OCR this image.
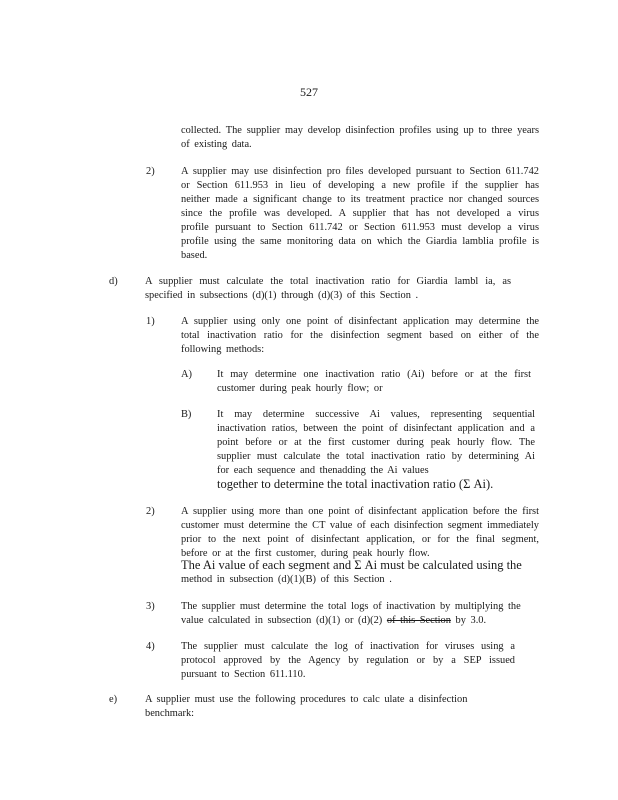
527
collected. The supplier may develop disinfection profiles using up to three years of existing data.
2)	A supplier may use disinfection pro files developed pursuant to Section 611.742 or Section 611.953 in lieu of developing a new profile if the supplier has neither made a significant change to its treatment practice nor changed sources since the profile was developed. A supplier that has not developed a virus profile pursuant to Section 611.742 or Section 611.953 must develop a virus profile using the same monitoring data on which the Giardia lamblia profile is based.
d)	A supplier must calculate the total inactivation ratio for Giardia lambl ia, as specified in subsections (d)(1) through (d)(3) of this Section .
1)	A supplier using only one point of disinfectant application may determine the total inactivation ratio for the disinfection segment based on either of the following methods:
A) It may determine one inactivation ratio (Ai) before or at the first customer during peak hourly flow; or
B) It may determine successive Ai values, representing sequential inactivation ratios, between the point of disinfectant application and a point before or at the first customer during peak hourly flow. The supplier must calculate the total inactivation ratio by determining Ai for each sequence and thenadding the Ai values
together to determine the total inactivation ratio (Σ Ai).
2)	A supplier using more than one point of disinfectant application before the first customer must determine the CT value of each disinfection segment immediately prior to the next point of disinfectant application, or for the final segment, before or at the first customer, during peak hourly flow.
The Ai value of each segment and Σ Ai must be calculated using the
method in subsection (d)(1)(B) of this Section .
3)	The supplier must determine the total logs of inactivation by multiplying the value calculated in subsection (d)(1) or (d)(2) of this Section by 3.0.
4)	The supplier must calculate the log of inactivation for viruses using a protocol approved by the Agency by regulation or by a SEP issued pursuant to Section 611.110.
e)	A supplier must use the following procedures to calc ulate a disinfection benchmark:
